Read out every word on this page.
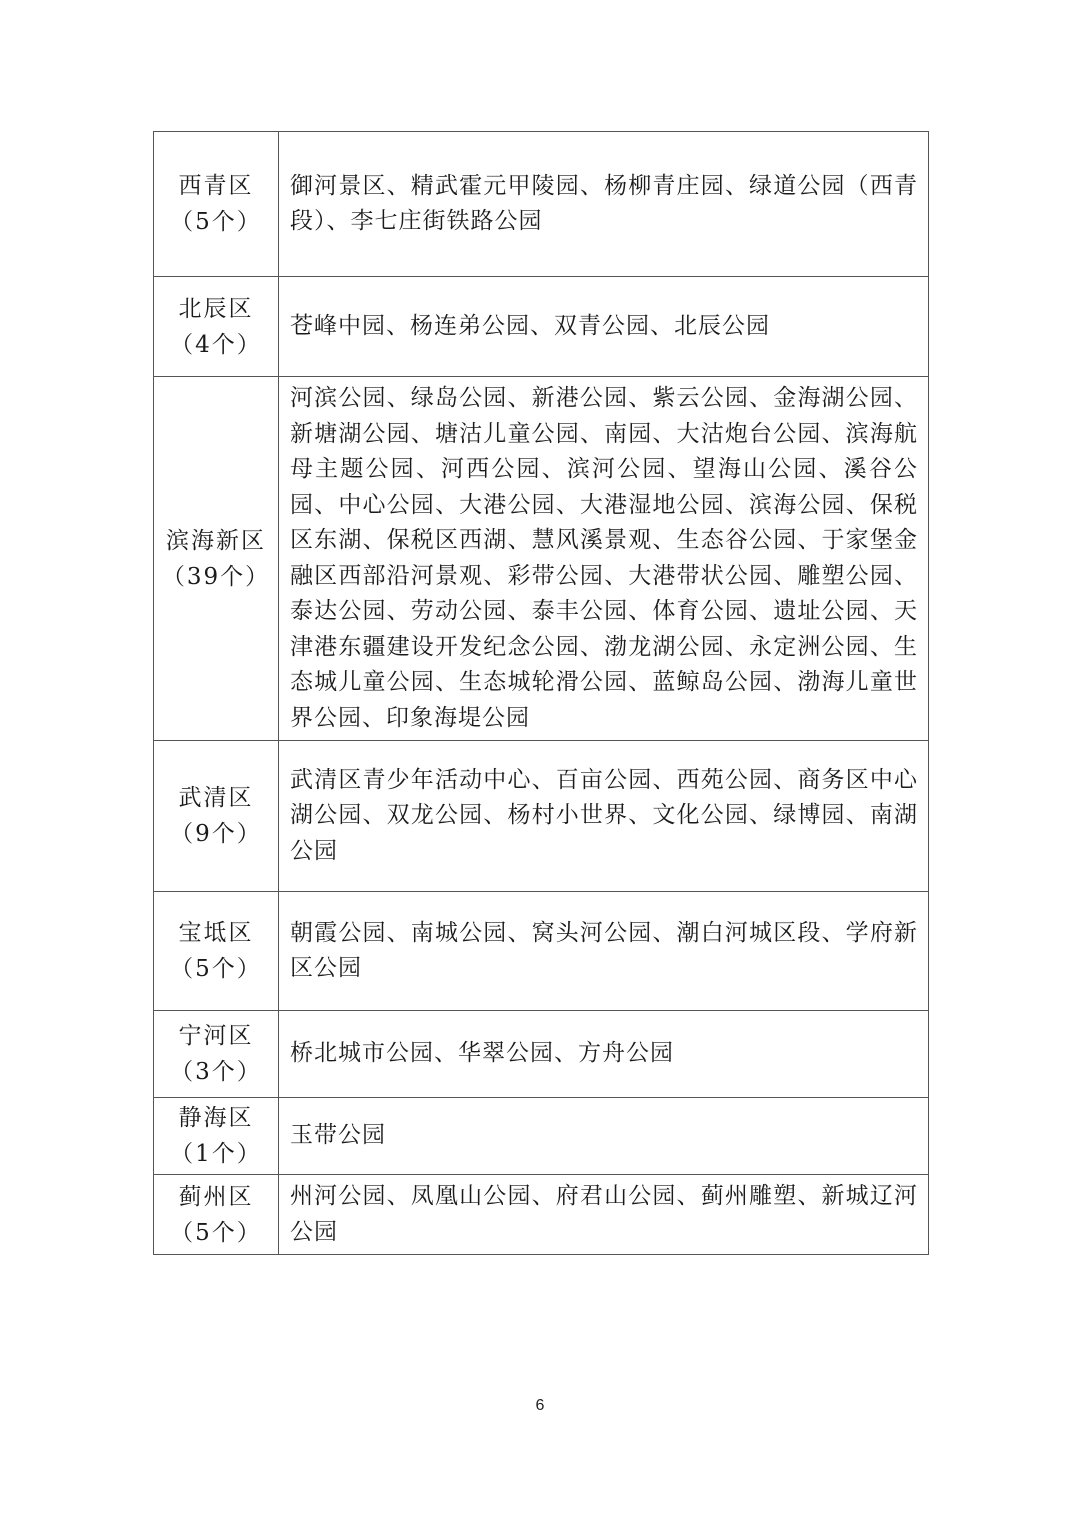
西青区
（5个）	御河景区、精武霍元甲陵园、杨柳青庄园、绿道公园（西青段）、李七庄街铁路公园

北辰区
（4个）	苍峰中园、杨连弟公园、双青公园、北辰公园

滨海新区
（39个）	河滨公园、绿岛公园、新港公园、紫云公园、金海湖公园、新塘湖公园、塘沽儿童公园、南园、大沽炮台公园、滨海航母主题公园、河西公园、滨河公园、望海山公园、溪谷公园、中心公园、大港公园、大港湿地公园、滨海公园、保税区东湖、保税区西湖、慧风溪景观、生态谷公园、于家堡金融区西部沿河景观、彩带公园、大港带状公园、雕塑公园、泰达公园、劳动公园、泰丰公园、体育公园、遗址公园、天津港东疆建设开发纪念公园、渤龙湖公园、永定洲公园、生态城儿童公园、生态城轮滑公园、蓝鲸岛公园、渤海儿童世界公园、印象海堤公园

武清区
（9个）	武清区青少年活动中心、百亩公园、西苑公园、商务区中心湖公园、双龙公园、杨村小世界、文化公园、绿博园、南湖公园

宝坻区
（5个）	朝霞公园、南城公园、窝头河公园、潮白河城区段、学府新区公园

宁河区
（3个）	桥北城市公园、华翠公园、方舟公园

静海区
（1个）	玉带公园

蓟州区
（5个）	州河公园、凤凰山公园、府君山公园、蓟州雕塑、新城辽河公园
6
